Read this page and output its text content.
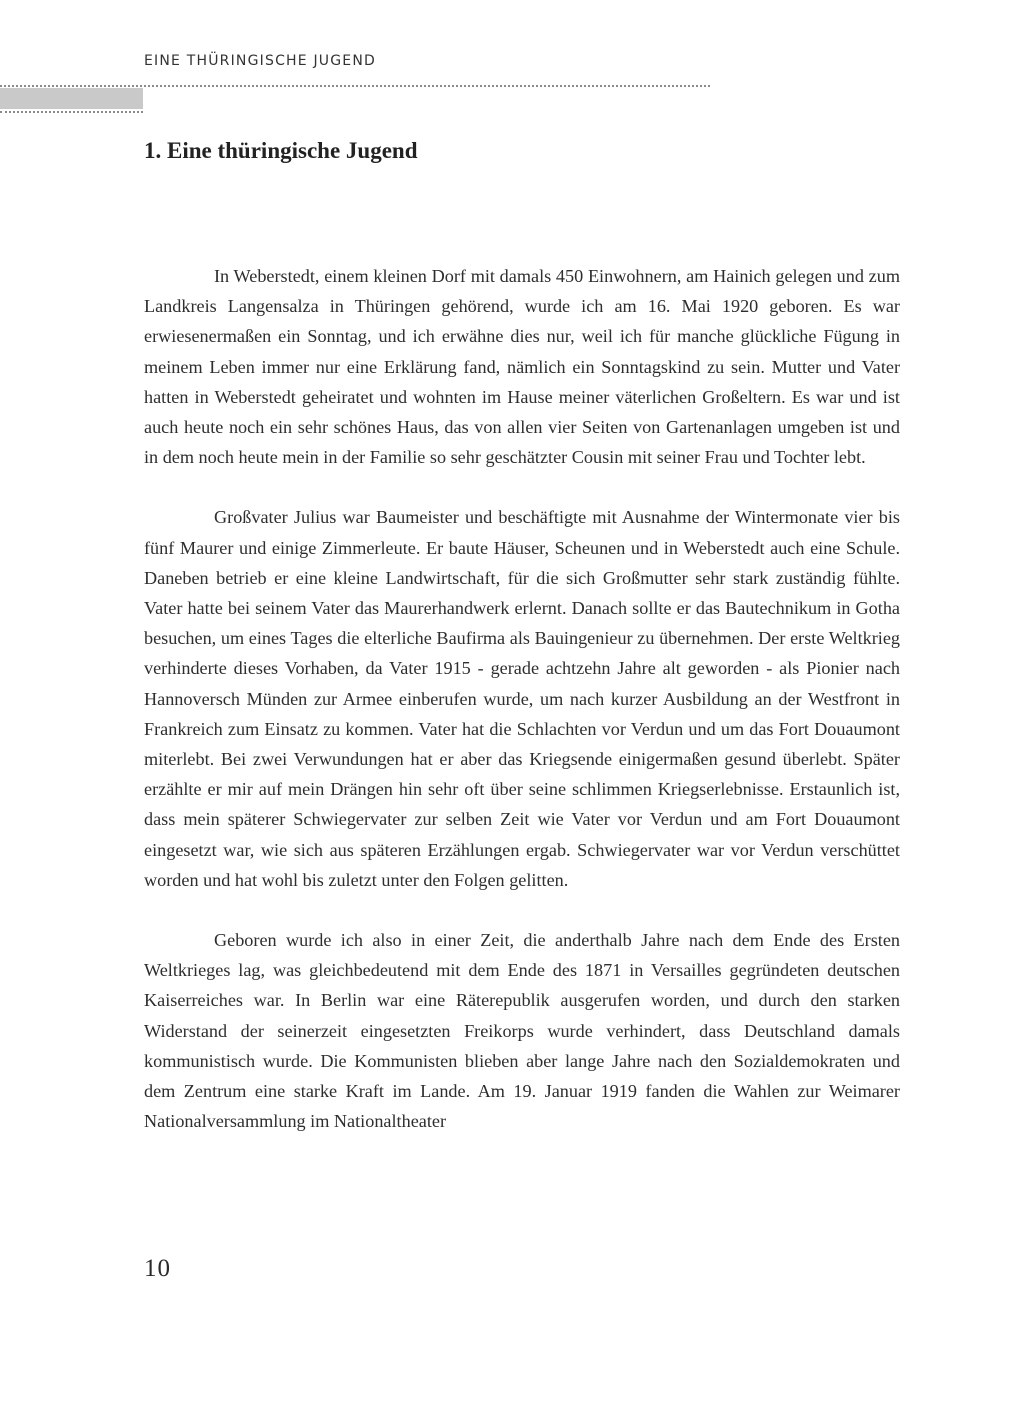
EINE THÜRINGISCHE JUGEND
1. Eine thüringische Jugend

In Weberstedt, einem kleinen Dorf mit damals 450 Einwohnern, am Hainich gelegen und zum Landkreis Langensalza in Thüringen gehörend, wurde ich am 16. Mai 1920 geboren. Es war erwiesenermaßen ein Sonntag, und ich erwähne dies nur, weil ich für manche glückliche Fügung in meinem Leben immer nur eine Erklärung fand, nämlich ein Sonntagskind zu sein. Mutter und Vater hatten in Weberstedt geheiratet und wohnten im Hause meiner väterlichen Großeltern. Es war und ist auch heute noch ein sehr schönes Haus, das von allen vier Seiten von Gartenanlagen umgeben ist und in dem noch heute mein in der Familie so sehr geschätzter Cousin mit seiner Frau und Tochter lebt.

Großvater Julius war Baumeister und beschäftigte mit Ausnahme der Wintermonate vier bis fünf Maurer und einige Zimmerleute. Er baute Häuser, Scheunen und in Weberstedt auch eine Schule. Daneben betrieb er eine kleine Landwirtschaft, für die sich Großmutter sehr stark zuständig fühlte. Vater hatte bei seinem Vater das Maurerhandwerk erlernt. Danach sollte er das Bautechnikum in Gotha besuchen, um eines Tages die elterliche Baufirma als Bauingenieur zu übernehmen. Der erste Weltkrieg verhinderte dieses Vorhaben, da Vater 1915 - gerade achtzehn Jahre alt geworden - als Pionier nach Hannoversch Münden zur Armee einberufen wurde, um nach kurzer Ausbildung an der Westfront in Frankreich zum Einsatz zu kommen. Vater hat die Schlachten vor Verdun und um das Fort Douaumont miterlebt. Bei zwei Verwundungen hat er aber das Kriegsende einigermaßen gesund überlebt. Später erzählte er mir auf mein Drängen hin sehr oft über seine schlimmen Kriegserlebnisse. Erstaunlich ist, dass mein späterer Schwiegervater zur selben Zeit wie Vater vor Verdun und am Fort Douaumont eingesetzt war, wie sich aus späteren Erzählungen ergab. Schwiegervater war vor Verdun verschüttet worden und hat wohl bis zuletzt unter den Folgen gelitten.

Geboren wurde ich also in einer Zeit, die anderthalb Jahre nach dem Ende des Ersten Weltkrieges lag, was gleichbedeutend mit dem Ende des 1871 in Versailles gegründeten deutschen Kaiserreiches war. In Berlin war eine Räterepublik ausgerufen worden, und durch den starken Widerstand der seinerzeit eingesetzten Freikorps wurde verhindert, dass Deutschland damals kommunistisch wurde. Die Kommunisten blieben aber lange Jahre nach den Sozialdemokraten und dem Zentrum eine starke Kraft im Lande. Am 19. Januar 1919 fanden die Wahlen zur Weimarer Nationalversammlung im Nationaltheater

10
